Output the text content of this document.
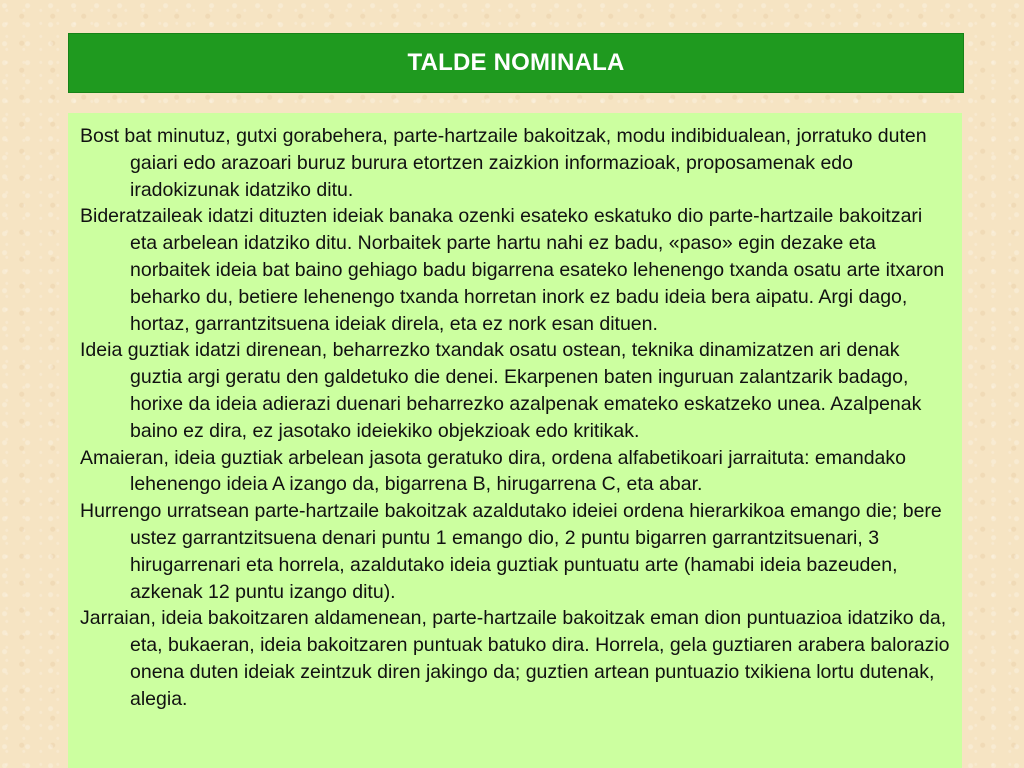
TALDE NOMINALA

Bost bat minutuz, gutxi gorabehera, parte-hartzaile bakoitzak, modu indibidualean, jorratuko duten gaiari edo arazoari buruz burura etortzen zaizkion informazioak, proposamenak edo iradokizunak idatziko ditu.

Bideratzaileak idatzi dituzten ideiak banaka ozenki esateko eskatuko dio parte-hartzaile bakoitzari eta arbelean idatziko ditu. Norbaitek parte hartu nahi ez badu, «paso» egin dezake eta norbaitek ideia bat baino gehiago badu bigarrena esateko lehenengo txanda osatu arte itxaron beharko du, betiere lehenengo txanda horretan inork ez badu ideia bera aipatu. Argi dago, hortaz, garrantzitsuena ideiak direla, eta ez nork esan dituen.

Ideia guztiak idatzi direnean, beharrezko txandak osatu ostean, teknika dinamizatzen ari denak guztia argi geratu den galdetuko die denei. Ekarpenen baten inguruan zalantzarik badago, horixe da ideia adierazi duenari beharrezko azalpenak emateko eskatzeko unea. Azalpenak baino ez dira, ez jasotako ideiekiko objekzioak edo kritikak.

Amaieran, ideia guztiak arbelean jasota geratuko dira, ordena alfabetikoari jarraituta: emandako lehenengo ideia A izango da, bigarrena B, hirugarrena C, eta abar.

Hurrengo urratsean parte-hartzaile bakoitzak azaldutako ideiei ordena hierarkikoa emango die; bere ustez garrantzitsuena denari puntu 1 emango dio, 2 puntu bigarren garrantzitsuenari, 3 hirugarrenari eta horrela, azaldutako ideia guztiak puntuatu arte (hamabi ideia bazeuden, azkenak 12 puntu izango ditu).

Jarraian, ideia bakoitzaren aldamenean, parte-hartzaile bakoitzak eman dion puntuazioa idatziko da, eta, bukaeran, ideia bakoitzaren puntuak batuko dira. Horrela, gela guztiaren arabera balorazio onena duten ideiak zeintzuk diren jakingo da; guztien artean puntuazio txikiena lortu dutenak, alegia.
